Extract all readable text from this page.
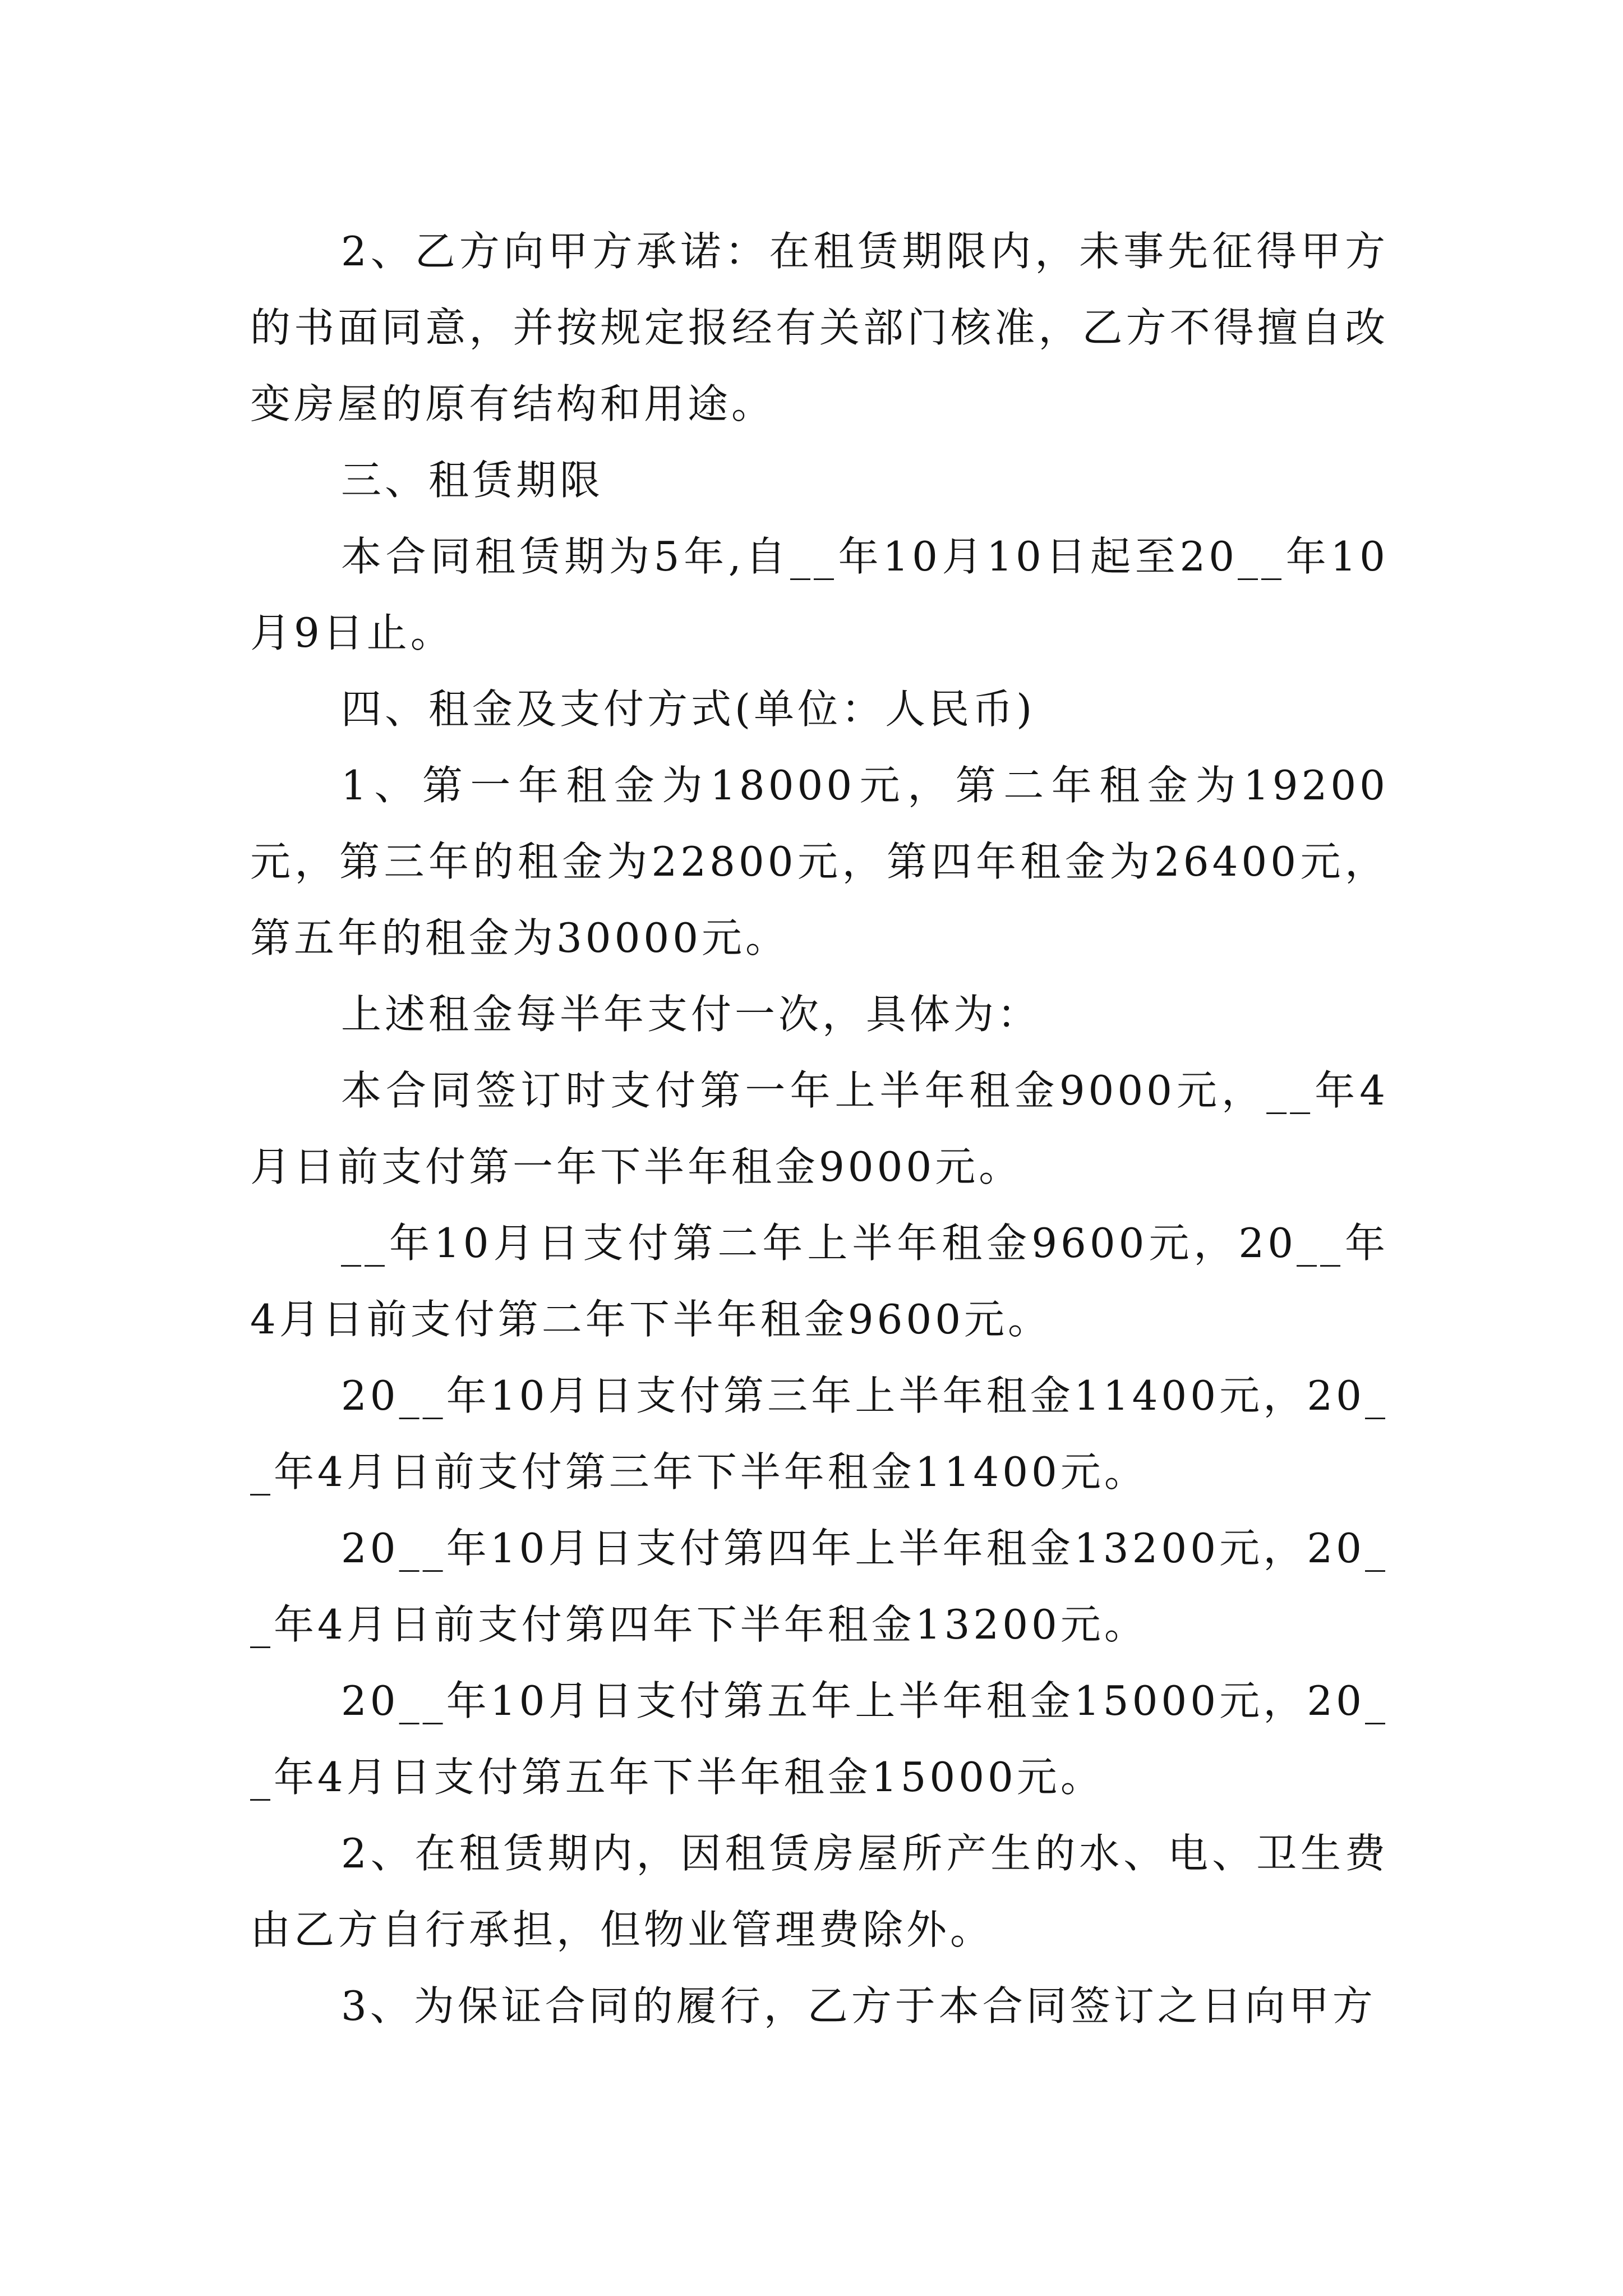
2、乙方向甲方承诺：在租赁期限内，未事先征得甲方的书面同意，并按规定报经有关部门核准，乙方不得擅自改变房屋的原有结构和用途。

三、租赁期限

本合同租赁期为5年,自__年10月10日起至20__年10月9日止。

四、租金及支付方式(单位：人民币)

1、第一年租金为18000元，第二年租金为19200元，第三年的租金为22800元，第四年租金为26400元，第五年的租金为30000元。

上述租金每半年支付一次，具体为：

本合同签订时支付第一年上半年租金9000元，__年4月日前支付第一年下半年租金9000元。

__年10月日支付第二年上半年租金9600元，20__年4月日前支付第二年下半年租金9600元。

20__年10月日支付第三年上半年租金11400元，20__年4月日前支付第三年下半年租金11400元。

20__年10月日支付第四年上半年租金13200元，20__年4月日前支付第四年下半年租金13200元。

20__年10月日支付第五年上半年租金15000元，20__年4月日支付第五年下半年租金15000元。

2、在租赁期内，因租赁房屋所产生的水、电、卫生费由乙方自行承担，但物业管理费除外。

3、为保证合同的履行，乙方于本合同签订之日向甲方
